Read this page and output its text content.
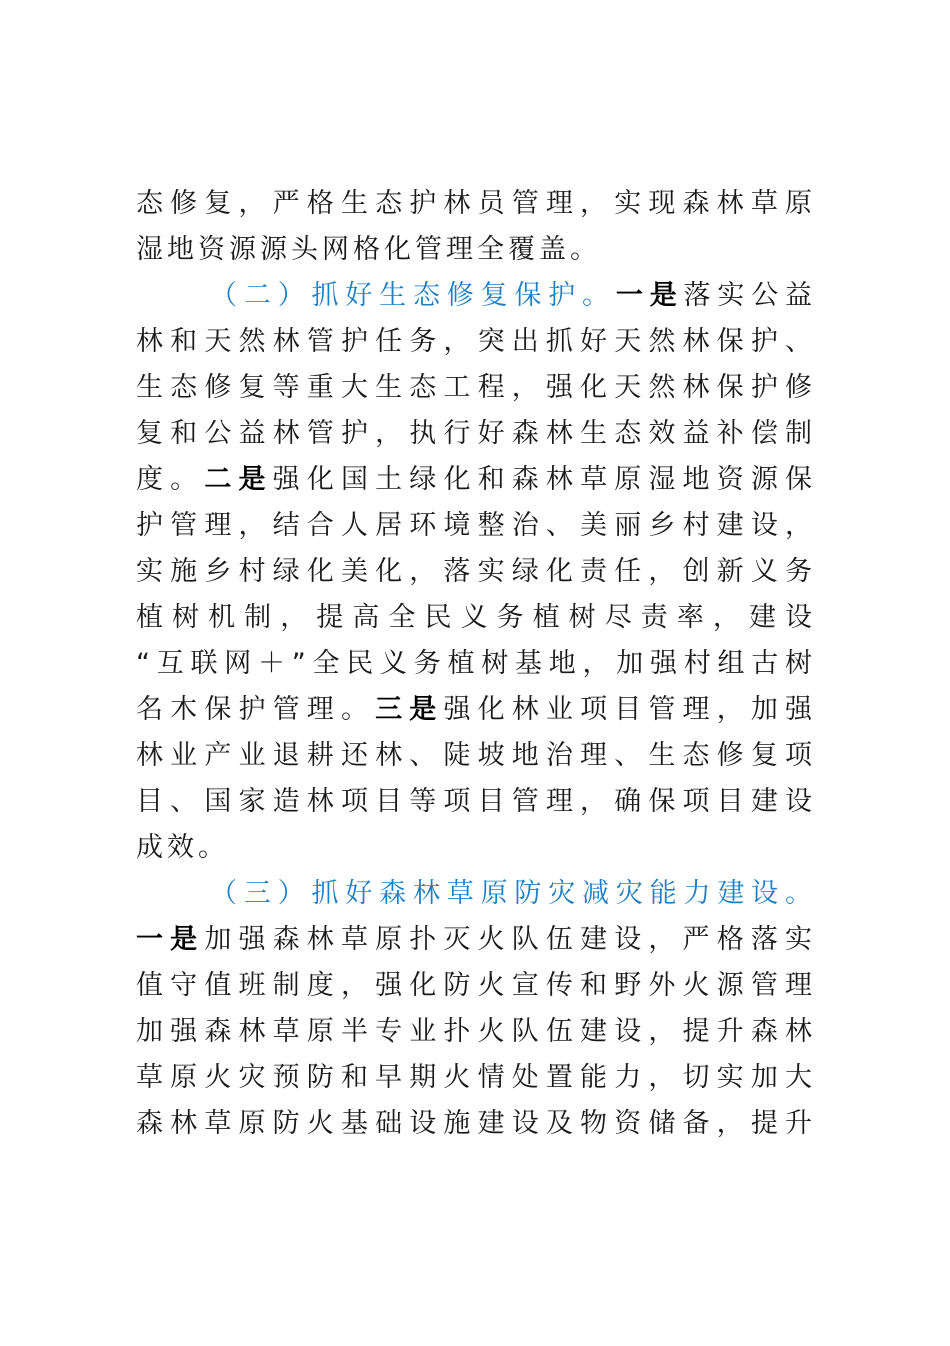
态修复，严格生态护林员管理，实现森林草原
湿地资源源头网格化管理全覆盖。
（二）抓好生态修复保护。一是落实公益
林和天然林管护任务，突出抓好天然林保护、
生态修复等重大生态工程，强化天然林保护修
复和公益林管护，执行好森林生态效益补偿制
度。二是强化国土绿化和森林草原湿地资源保
护管理，结合人居环境整治、美丽乡村建设，
实施乡村绿化美化，落实绿化责任，创新义务
植树机制，提高全民义务植树尽责率，建设
“互联网＋”全民义务植树基地，加强村组古树
名木保护管理。三是强化林业项目管理，加强
林业产业退耕还林、陡坡地治理、生态修复项
目、国家造林项目等项目管理，确保项目建设
成效。
（三）抓好森林草原防灾减灾能力建设。
一是加强森林草原扑灭火队伍建设，严格落实
值守值班制度，强化防火宣传和野外火源管理
加强森林草原半专业扑火队伍建设，提升森林
草原火灾预防和早期火情处置能力，切实加大
森林草原防火基础设施建设及物资储备，提升
